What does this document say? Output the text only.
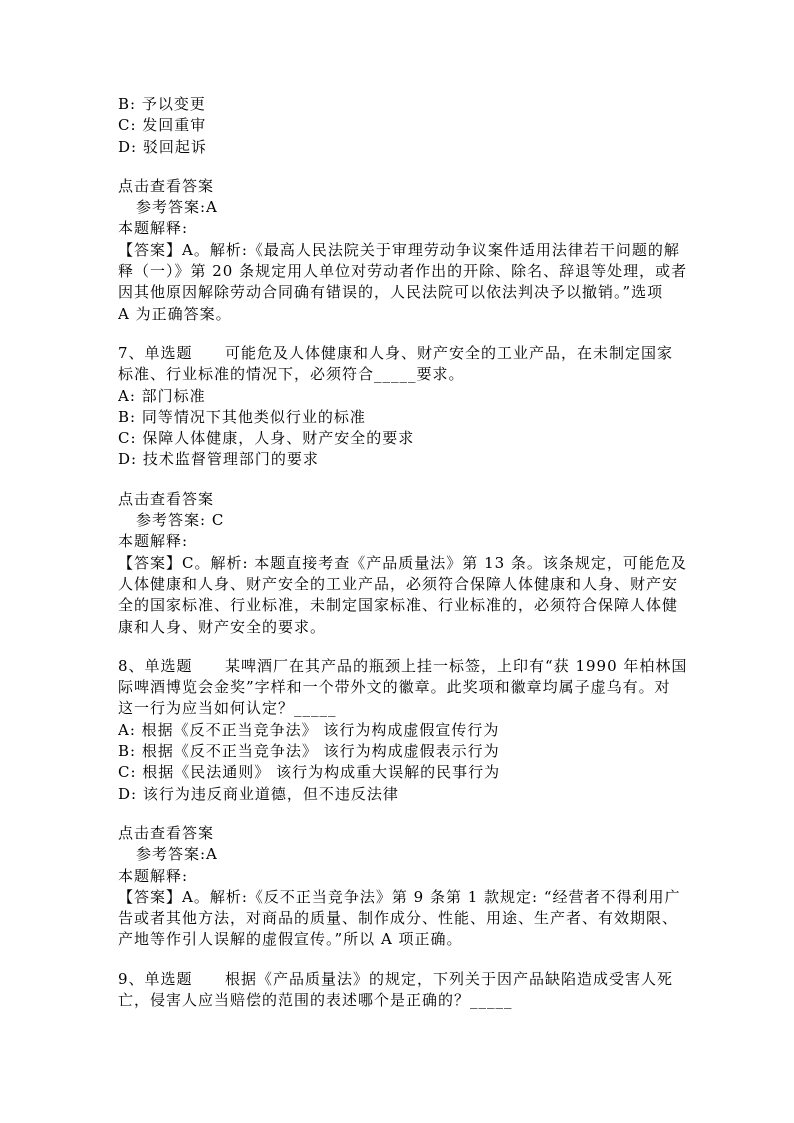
B: 予以变更
C: 发回重审
D: 驳回起诉
点击查看答案
参考答案:A
本题解释:
【答案】A。解析:《最高人民法院关于审理劳动争议案件适用法律若干问题的解
释（一）》第 20 条规定用人单位对劳动者作出的开除、除名、辞退等处理，或者
因其他原因解除劳动合同确有错误的，人民法院可以依法判决予以撤销。”选项
A 为正确答案。
7、单选题 可能危及人体健康和人身、财产安全的工业产品，在未制定国家
标准、行业标准的情况下，必须符合_____要求。
A: 部门标准
B: 同等情况下其他类似行业的标准
C: 保障人体健康，人身、财产安全的要求
D: 技术监督管理部门的要求
点击查看答案
参考答案: C
本题解释:
【答案】C。解析: 本题直接考查《产品质量法》第 13 条。该条规定，可能危及
人体健康和人身、财产安全的工业产品，必须符合保障人体健康和人身、财产安
全的国家标准、行业标准，未制定国家标准、行业标准的，必须符合保障人体健
康和人身、财产安全的要求。
8、单选题 某啤酒厂在其产品的瓶颈上挂一标签，上印有“获 1990 年柏林国
际啤酒博览会金奖”字样和一个带外文的徽章。此奖项和徽章均属子虚乌有。对
这一行为应当如何认定？_____
A: 根据《反不正当竞争法》 该行为构成虚假宣传行为
B: 根据《反不正当竞争法》 该行为构成虚假表示行为
C: 根据《民法通则》 该行为构成重大误解的民事行为
D: 该行为违反商业道德，但不违反法律
点击查看答案
参考答案:A
本题解释:
【答案】A。解析:《反不正当竞争法》第 9 条第 1 款规定: “经营者不得利用广
告或者其他方法，对商品的质量、制作成分、性能、用途、生产者、有效期限、
产地等作引人误解的虚假宣传。”所以 A 项正确。
9、单选题 根据《产品质量法》的规定，下列关于因产品缺陷造成受害人死
亡，侵害人应当赔偿的范围的表述哪个是正确的？_____
